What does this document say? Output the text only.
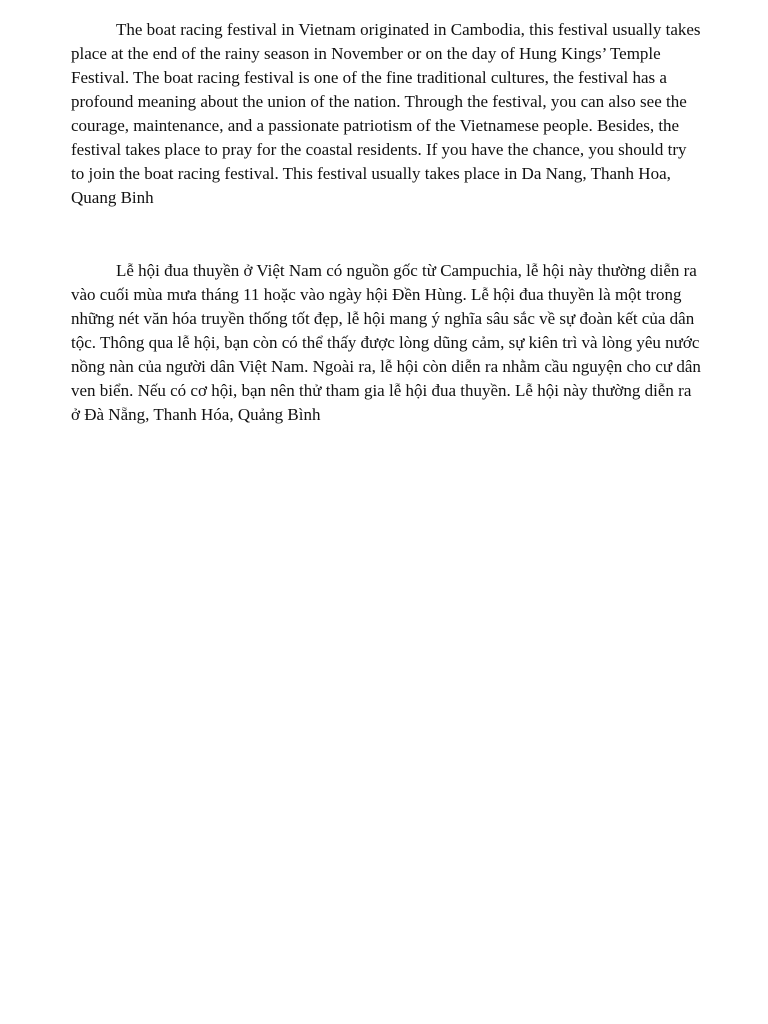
The boat racing festival in Vietnam originated in Cambodia, this festival usually takes place at the end of the rainy season in November or on the day of Hung Kings’ Temple Festival. The boat racing festival is one of the fine traditional cultures, the festival has a profound meaning about the union of the nation. Through the festival, you can also see the courage, maintenance, and a passionate patriotism of the Vietnamese people. Besides, the festival takes place to pray for the coastal residents. If you have the chance, you should try to join the boat racing festival. This festival usually takes place in Da Nang, Thanh Hoa, Quang Binh

Lễ hội đua thuyền ở Việt Nam có nguồn gốc từ Campuchia, lễ hội này thường diễn ra vào cuối mùa mưa tháng 11 hoặc vào ngày hội Đền Hùng. Lễ hội đua thuyền là một trong những nét văn hóa truyền thống tốt đẹp, lễ hội mang ý nghĩa sâu sắc về sự đoàn kết của dân tộc. Thông qua lễ hội, bạn còn có thể thấy được lòng dũng cảm, sự kiên trì và lòng yêu nước nồng nàn của người dân Việt Nam. Ngoài ra, lễ hội còn diễn ra nhằm cầu nguyện cho cư dân ven biển. Nếu có cơ hội, bạn nên thử tham gia lễ hội đua thuyền. Lễ hội này thường diễn ra ở Đà Nẵng, Thanh Hóa, Quảng Bình
